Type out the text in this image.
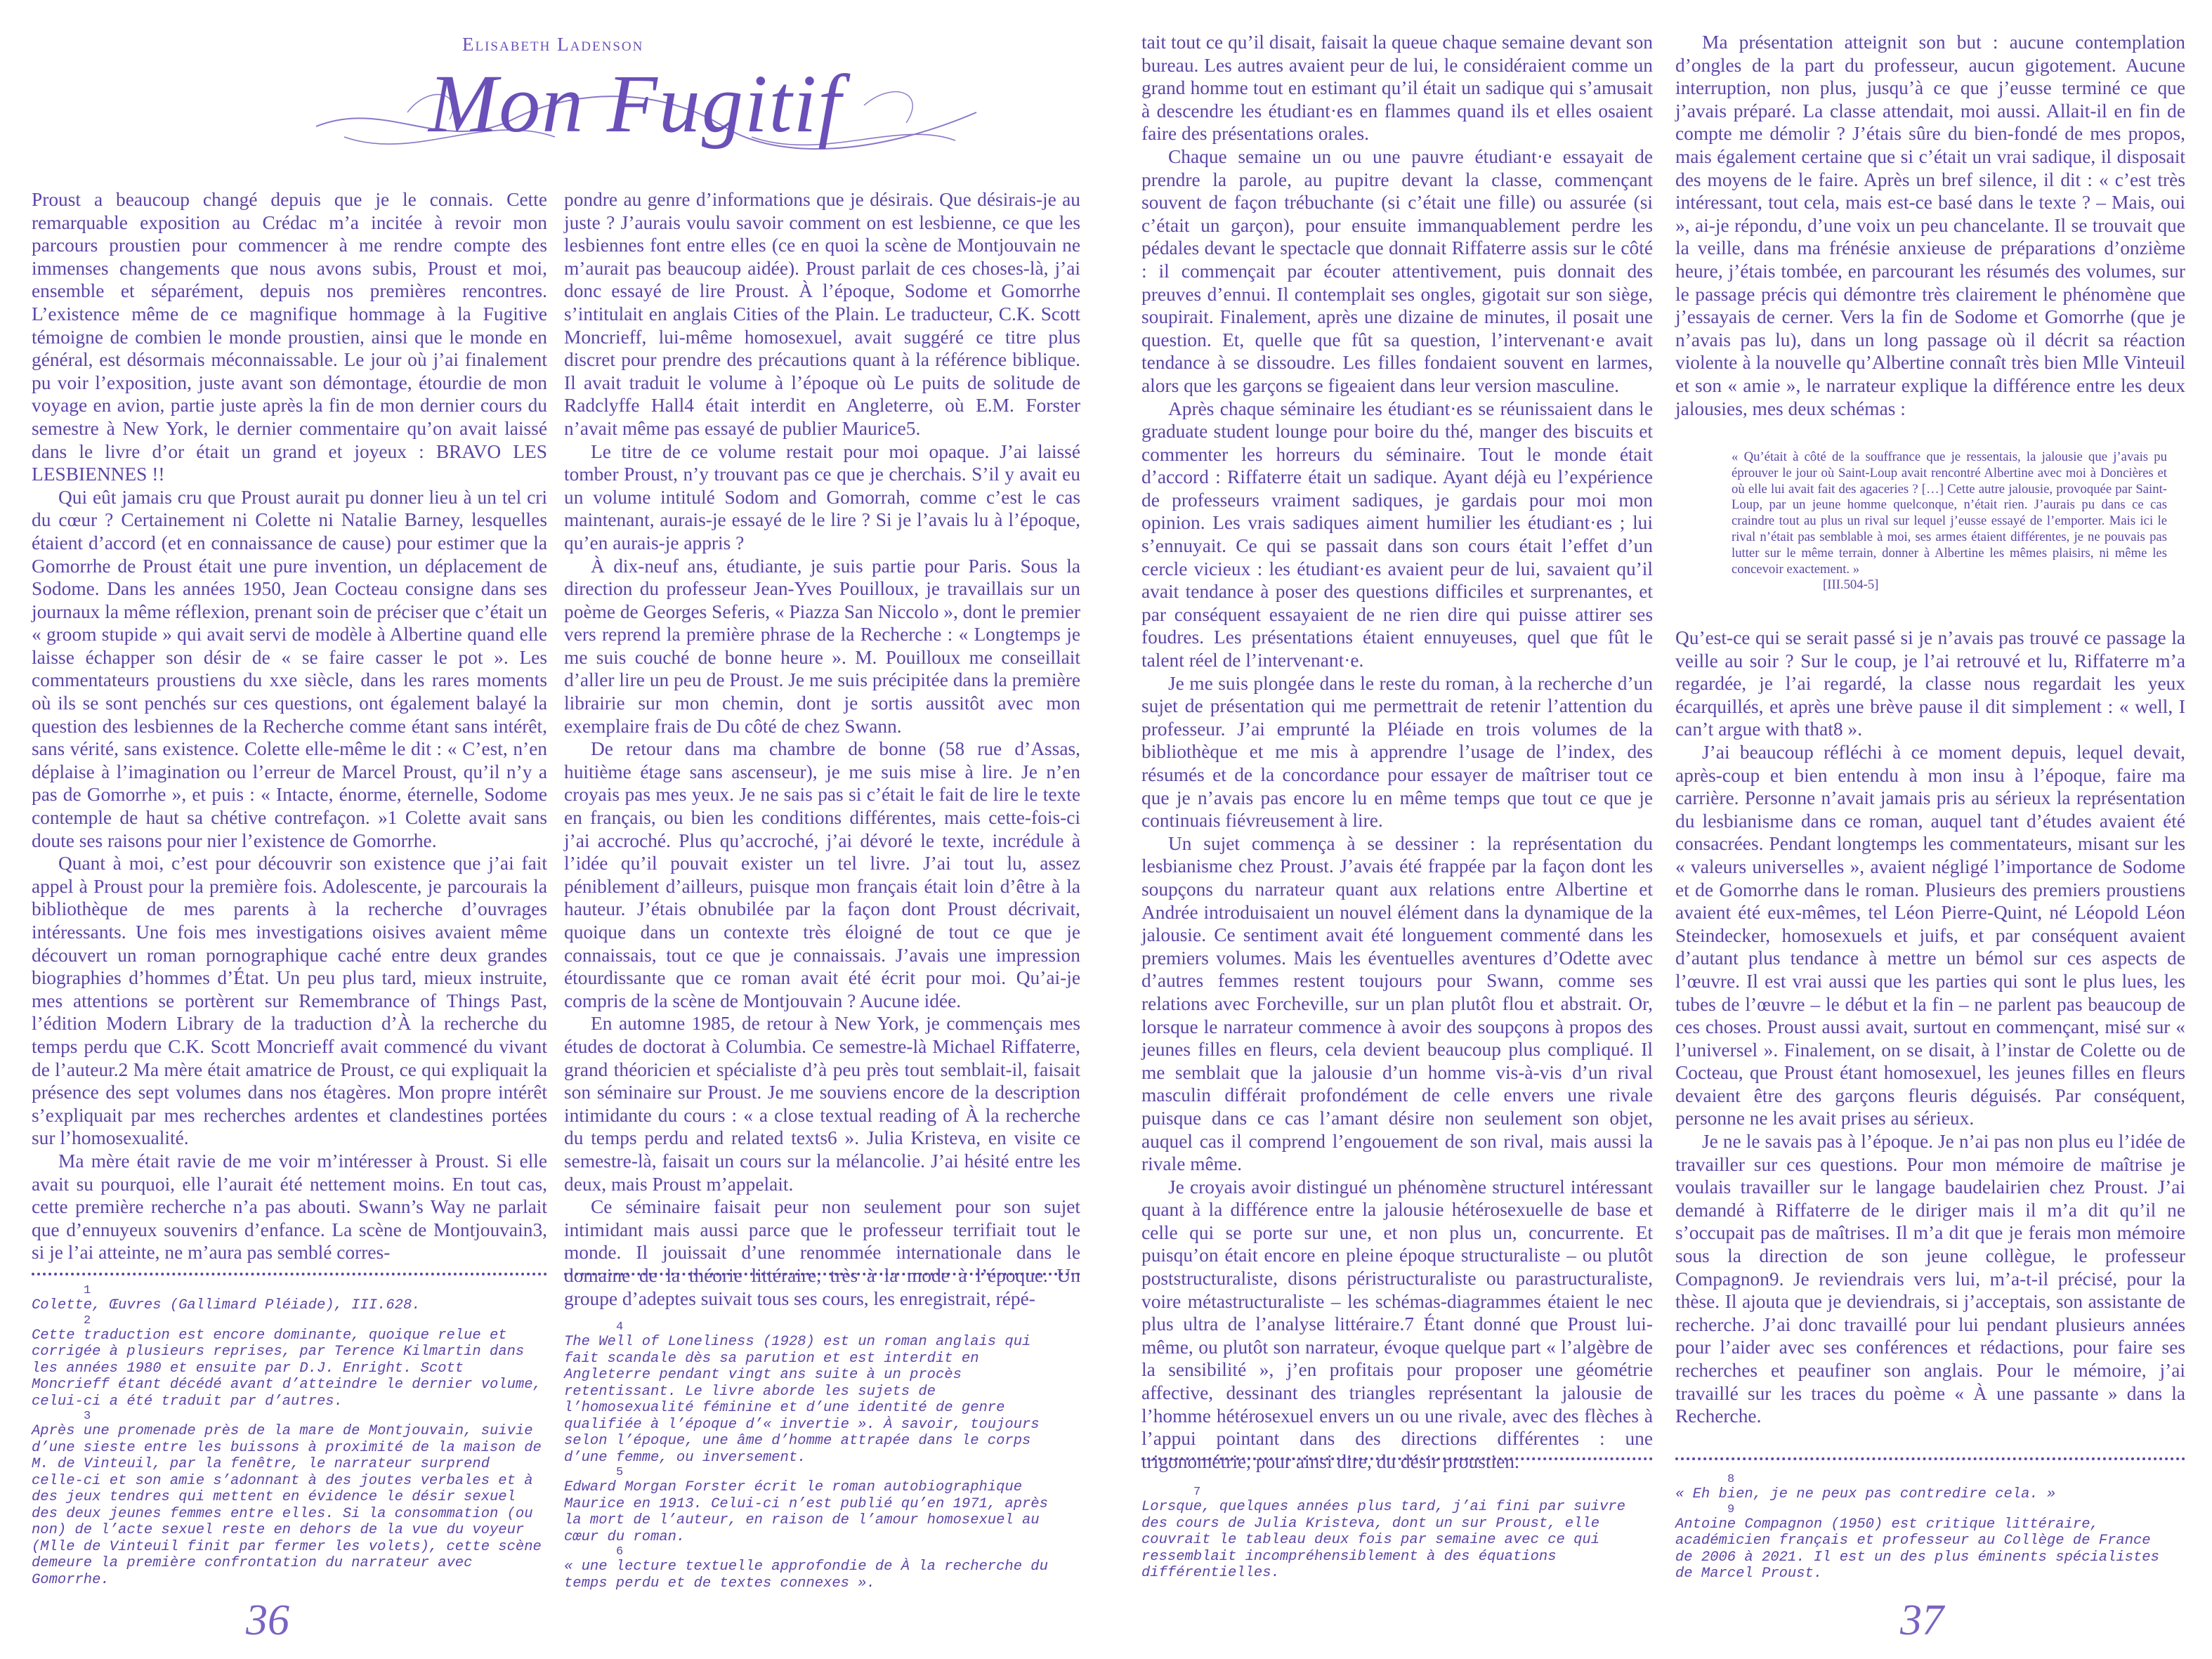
Elisabeth Ladenson
Mon Fugitif

Proust a beaucoup changé depuis que je le connais. Cette remarquable exposition au Crédac m’a incitée à revoir mon parcours proustien pour commencer à me rendre compte des immenses changements que nous avons subis, Proust et moi, ensemble et séparément, depuis nos premières rencontres. L’existence même de ce magnifique hommage à la Fugitive témoigne de combien le monde proustien, ainsi que le monde en général, est désormais méconnaissable. Le jour où j’ai finalement pu voir l’exposition, juste avant son démontage, étourdie de mon voyage en avion, partie juste après la fin de mon dernier cours du semestre à New York, le dernier commentaire qu’on avait laissé dans le livre d’or était un grand et joyeux : BRAVO LES LESBIENNES !!

Qui eût jamais cru que Proust aurait pu donner lieu à un tel cri du cœur ? Certainement ni Colette ni Natalie Barney, lesquelles étaient d’accord (et en connaissance de cause) pour estimer que la Gomorrhe de Proust était une pure invention, un déplacement de Sodome. Dans les années 1950, Jean Cocteau consigne dans ses journaux la même réflexion, prenant soin de préciser que c’était un « groom stupide » qui avait servi de modèle à Albertine quand elle laisse échapper son désir de « se faire casser le pot ». Les commentateurs proustiens du xxe siècle, dans les rares moments où ils se sont penchés sur ces questions, ont également balayé la question des lesbiennes de la Recherche comme étant sans intérêt, sans vérité, sans existence. Colette elle-même le dit : « C’est, n’en déplaise à l’imagination ou l’erreur de Marcel Proust, qu’il n’y a pas de Gomorrhe », et puis : « Intacte, énorme, éternelle, Sodome contemple de haut sa chétive contrefaçon. »1 Colette avait sans doute ses raisons pour nier l’existence de Gomorrhe.

Quant à moi, c’est pour découvrir son existence que j’ai fait appel à Proust pour la première fois. Adolescente, je parcourais la bibliothèque de mes parents à la recherche d’ouvrages intéressants. Une fois mes investigations oisives avaient même découvert un roman pornographique caché entre deux grandes biographies d’hommes d’État. Un peu plus tard, mieux instruite, mes attentions se portèrent sur Remembrance of Things Past, l’édition Modern Library de la traduction d’À la recherche du temps perdu que C.K. Scott Moncrieff avait commencé du vivant de l’auteur.2 Ma mère était amatrice de Proust, ce qui expliquait la présence des sept volumes dans nos étagères. Mon propre intérêt s’expliquait par mes recherches ardentes et clandestines portées sur l’homosexualité.

Ma mère était ravie de me voir m’intéresser à Proust. Si elle avait su pourquoi, elle l’aurait été nettement moins. En tout cas, cette première recherche n’a pas abouti. Swann’s Way ne parlait que d’ennuyeux souvenirs d’enfance. La scène de Montjouvain3, si je l’ai atteinte, ne m’aura pas semblé corres-

pondre au genre d’informations que je désirais. Que désirais-je au juste ? J’aurais voulu savoir comment on est lesbienne, ce que les lesbiennes font entre elles (ce en quoi la scène de Montjouvain ne m’aurait pas beaucoup aidée). Proust parlait de ces choses-là, j’ai donc essayé de lire Proust. À l’époque, Sodome et Gomorrhe s’intitulait en anglais Cities of the Plain. Le traducteur, C.K. Scott Moncrieff, lui-même homosexuel, avait suggéré ce titre plus discret pour prendre des précautions quant à la référence biblique. Il avait traduit le volume à l’époque où Le puits de solitude de Radclyffe Hall4 était interdit en Angleterre, où E.M. Forster n’avait même pas essayé de publier Maurice5.

Le titre de ce volume restait pour moi opaque. J’ai laissé tomber Proust, n’y trouvant pas ce que je cherchais. S’il y avait eu un volume intitulé Sodom and Gomorrah, comme c’est le cas maintenant, aurais-je essayé de le lire ? Si je l’avais lu à l’époque, qu’en aurais-je appris ?

À dix-neuf ans, étudiante, je suis partie pour Paris. Sous la direction du professeur Jean-Yves Pouilloux, je travaillais sur un poème de Georges Seferis, « Piazza San Niccolo », dont le premier vers reprend la première phrase de la Recherche : « Longtemps je me suis couché de bonne heure ». M. Pouilloux me conseillait d’aller lire un peu de Proust. Je me suis précipitée dans la première librairie sur mon chemin, dont je sortis aussitôt avec mon exemplaire frais de Du côté de chez Swann.

De retour dans ma chambre de bonne (58 rue d’Assas, huitième étage sans ascenseur), je me suis mise à lire. Je n’en croyais pas mes yeux. Je ne sais pas si c’était le fait de lire le texte en français, ou bien les conditions différentes, mais cette-fois-ci j’ai accroché. Plus qu’accroché, j’ai dévoré le texte, incrédule à l’idée qu’il pouvait exister un tel livre. J’ai tout lu, assez péniblement d’ailleurs, puisque mon français était loin d’être à la hauteur. J’étais obnubilée par la façon dont Proust décrivait, quoique dans un contexte très éloigné de tout ce que je connaissais, tout ce que je connaissais. J’avais une impression étourdissante que ce roman avait été écrit pour moi. Qu’ai-je compris de la scène de Montjouvain ? Aucune idée.

En automne 1985, de retour à New York, je commençais mes études de doctorat à Columbia. Ce semestre-là Michael Riffaterre, grand théoricien et spécialiste d’à peu près tout semblait-il, faisait son séminaire sur Proust. Je me souviens encore de la description intimidante du cours : « a close textual reading of À la recherche du temps perdu and related texts6 ». Julia Kristeva, en visite ce semestre-là, faisait un cours sur la mélancolie. J’ai hésité entre les deux, mais Proust m’appelait.

Ce séminaire faisait peur non seulement pour son sujet intimidant mais aussi parce que le professeur terrifiait tout le monde. Il jouissait d’une renommée internationale dans le domaine de la théorie littéraire, très à la mode à l’époque. Un groupe d’adeptes suivait tous ses cours, les enregistrait, répé-

tait tout ce qu’il disait, faisait la queue chaque semaine devant son bureau. Les autres avaient peur de lui, le considéraient comme un grand homme tout en estimant qu’il était un sadique qui s’amusait à descendre les étudiant·es en flammes quand ils et elles osaient faire des présentations orales.

Chaque semaine un ou une pauvre étudiant·e essayait de prendre la parole, au pupitre devant la classe, commençant souvent de façon trébuchante (si c’était une fille) ou assurée (si c’était un garçon), pour ensuite immanquablement perdre les pédales devant le spectacle que donnait Riffaterre assis sur le côté : il commençait par écouter attentivement, puis donnait des preuves d’ennui. Il contemplait ses ongles, gigotait sur son siège, soupirait. Finalement, après une dizaine de minutes, il posait une question. Et, quelle que fût sa question, l’intervenant·e avait tendance à se dissoudre. Les filles fondaient souvent en larmes, alors que les garçons se figeaient dans leur version masculine.

Après chaque séminaire les étudiant·es se réunissaient dans le graduate student lounge pour boire du thé, manger des biscuits et commenter les horreurs du séminaire. Tout le monde était d’accord : Riffaterre était un sadique. Ayant déjà eu l’expérience de professeurs vraiment sadiques, je gardais pour moi mon opinion. Les vrais sadiques aiment humilier les étudiant·es ; lui s’ennuyait. Ce qui se passait dans son cours était l’effet d’un cercle vicieux : les étudiant·es avaient peur de lui, savaient qu’il avait tendance à poser des questions difficiles et surprenantes, et par conséquent essayaient de ne rien dire qui puisse attirer ses foudres. Les présentations étaient ennuyeuses, quel que fût le talent réel de l’intervenant·e.

Je me suis plongée dans le reste du roman, à la recherche d’un sujet de présentation qui me permettrait de retenir l’attention du professeur. J’ai emprunté la Pléiade en trois volumes de la bibliothèque et me mis à apprendre l’usage de l’index, des résumés et de la concordance pour essayer de maîtriser tout ce que je n’avais pas encore lu en même temps que tout ce que je continuais fiévreusement à lire.

Un sujet commença à se dessiner : la représentation du lesbianisme chez Proust. J’avais été frappée par la façon dont les soupçons du narrateur quant aux relations entre Albertine et Andrée introduisaient un nouvel élément dans la dynamique de la jalousie. Ce sentiment avait été longuement commenté dans les premiers volumes. Mais les éventuelles aventures d’Odette avec d’autres femmes restent toujours pour Swann, comme ses relations avec Forcheville, sur un plan plutôt flou et abstrait. Or, lorsque le narrateur commence à avoir des soupçons à propos des jeunes filles en fleurs, cela devient beaucoup plus compliqué. Il me semblait que la jalousie d’un homme vis-à-vis d’un rival masculin différait profondément de celle envers une rivale puisque dans ce cas l’amant désire non seulement son objet, auquel cas il comprend l’engouement de son rival, mais aussi la rivale même.

Je croyais avoir distingué un phénomène structurel intéressant quant à la différence entre la jalousie hétérosexuelle de base et celle qui se porte sur une, et non plus un, concurrente. Et puisqu’on était encore en pleine époque structuraliste – ou plutôt poststructuraliste, disons péristructuraliste ou parastructuraliste, voire métastructuraliste – les schémas-diagrammes étaient le nec plus ultra de l’analyse littéraire.7 Étant donné que Proust lui-même, ou plutôt son narrateur, évoque quelque part « l’algèbre de la sensibilité », j’en profitais pour proposer une géométrie affective, dessinant des triangles représentant la jalousie de l’homme hétérosexuel envers un ou une rivale, avec des flèches à l’appui pointant dans des directions différentes : une trigonométrie, pour ainsi dire, du désir proustien.

Ma présentation atteignit son but : aucune contemplation d’ongles de la part du professeur, aucun gigotement. Aucune interruption, non plus, jusqu’à ce que j’eusse terminé ce que j’avais préparé. La classe attendait, moi aussi. Allait-il en fin de compte me démolir ? J’étais sûre du bien-fondé de mes propos, mais également certaine que si c’était un vrai sadique, il disposait des moyens de le faire. Après un bref silence, il dit : « c’est très intéressant, tout cela, mais est-ce basé dans le texte ? – Mais, oui », ai-je répondu, d’une voix un peu chancelante. Il se trouvait que la veille, dans ma frénésie anxieuse de préparations d’onzième heure, j’étais tombée, en parcourant les résumés des volumes, sur le passage précis qui démontre très clairement le phénomène que j’essayais de cerner. Vers la fin de Sodome et Gomorrhe (que je n’avais pas lu), dans un long passage où il décrit sa réaction violente à la nouvelle qu’Albertine connaît très bien Mlle Vinteuil et son « amie », le narrateur explique la différence entre les deux jalousies, mes deux schémas :

« Qu’était à côté de la souffrance que je ressentais, la jalousie que j’avais pu éprouver le jour où Saint-Loup avait rencontré Albertine avec moi à Doncières et où elle lui avait fait des agaceries ? […] Cette autre jalousie, provoquée par Saint-Loup, par un jeune homme quelconque, n’était rien. J’aurais pu dans ce cas craindre tout au plus un rival sur lequel j’eusse essayé de l’emporter. Mais ici le rival n’était pas semblable à moi, ses armes étaient différentes, je ne pouvais pas lutter sur le même terrain, donner à Albertine les mêmes plaisirs, ni même les concevoir exactement. »

[III.504-5]

Qu’est-ce qui se serait passé si je n’avais pas trouvé ce passage la veille au soir ? Sur le coup, je l’ai retrouvé et lu, Riffaterre m’a regardée, je l’ai regardé, la classe nous regardait les yeux écarquillés, et après une brève pause il dit simplement : « well, I can’t argue with that8 ».

J’ai beaucoup réfléchi à ce moment depuis, lequel devait, après-coup et bien entendu à mon insu à l’époque, faire ma carrière. Personne n’avait jamais pris au sérieux la représentation du lesbianisme dans ce roman, auquel tant d’études avaient été consacrées. Pendant longtemps les commentateurs, misant sur les « valeurs universelles », avaient négligé l’importance de Sodome et de Gomorrhe dans le roman. Plusieurs des premiers proustiens avaient été eux-mêmes, tel Léon Pierre-Quint, né Léopold Léon Steindecker, homosexuels et juifs, et par conséquent avaient d’autant plus tendance à mettre un bémol sur ces aspects de l’œuvre. Il est vrai aussi que les parties qui sont le plus lues, les tubes de l’œuvre – le début et la fin – ne parlent pas beaucoup de ces choses. Proust aussi avait, surtout en commençant, misé sur « l’universel ». Finalement, on se disait, à l’instar de Colette ou de Cocteau, que Proust étant homosexuel, les jeunes filles en fleurs devaient être des garçons fleuris déguisés. Par conséquent, personne ne les avait prises au sérieux.

Je ne le savais pas à l’époque. Je n’ai pas non plus eu l’idée de travailler sur ces questions. Pour mon mémoire de maîtrise je voulais travailler sur le langage baudelairien chez Proust. J’ai demandé à Riffaterre de le diriger mais il m’a dit qu’il ne s’occupait pas de maîtrises. Il m’a dit que je ferais mon mémoire sous la direction de son jeune collègue, le professeur Compagnon9. Je reviendrais vers lui, m’a-t-il précisé, pour la thèse. Il ajouta que je deviendrais, si j’acceptais, son assistante de recherche. J’ai donc travaillé pour lui pendant plusieurs années pour l’aider avec ses conférences et rédactions, pour faire ses recherches et peaufiner son anglais. Pour le mémoire, j’ai travaillé sur les traces du poème « À une passante » dans la Recherche.

1
Colette, Œuvres (Gallimard Pléiade), III.628.
2
Cette traduction est encore dominante, quoique relue et corrigée à plusieurs reprises, par Terence Kilmartin dans les années 1980 et ensuite par D.J. Enright. Scott Moncrieff étant décédé avant d’atteindre le dernier volume, celui-ci a été traduit par d’autres.
3
Après une promenade près de la mare de Montjouvain, suivie d’une sieste entre les buissons à proximité de la maison de M. de Vinteuil, par la fenêtre, le narrateur surprend celle-ci et son amie s’adonnant à des joutes verbales et à des jeux tendres qui mettent en évidence le désir sexuel des deux jeunes femmes entre elles. Si la consommation (ou non) de l’acte sexuel reste en dehors de la vue du voyeur (Mlle de Vinteuil finit par fermer les volets), cette scène demeure la première confrontation du narrateur avec Gomorrhe.
4
The Well of Loneliness (1928) est un roman anglais qui fait scandale dès sa parution et est interdit en Angleterre pendant vingt ans suite à un procès retentissant. Le livre aborde les sujets de l’homosexualité féminine et d’une identité de genre qualifiée à l’époque d’« invertie ». À savoir, toujours selon l’époque, une âme d’homme attrapée dans le corps d’une femme, ou inversement.
5
Edward Morgan Forster écrit le roman autobiographique Maurice en 1913. Celui-ci n’est publié qu’en 1971, après la mort de l’auteur, en raison de l’amour homosexuel au cœur du roman.
6
« une lecture textuelle approfondie de À la recherche du temps perdu et de textes connexes ».
7
Lorsque, quelques années plus tard, j’ai fini par suivre des cours de Julia Kristeva, dont un sur Proust, elle couvrait le tableau deux fois par semaine avec ce qui ressemblait incompréhensiblement à des équations différentielles.
8
« Eh bien, je ne peux pas contredire cela. »
9
Antoine Compagnon (1950) est critique littéraire, académicien français et professeur au Collège de France de 2006 à 2021. Il est un des plus éminents spécialistes de Marcel Proust.
36	37
